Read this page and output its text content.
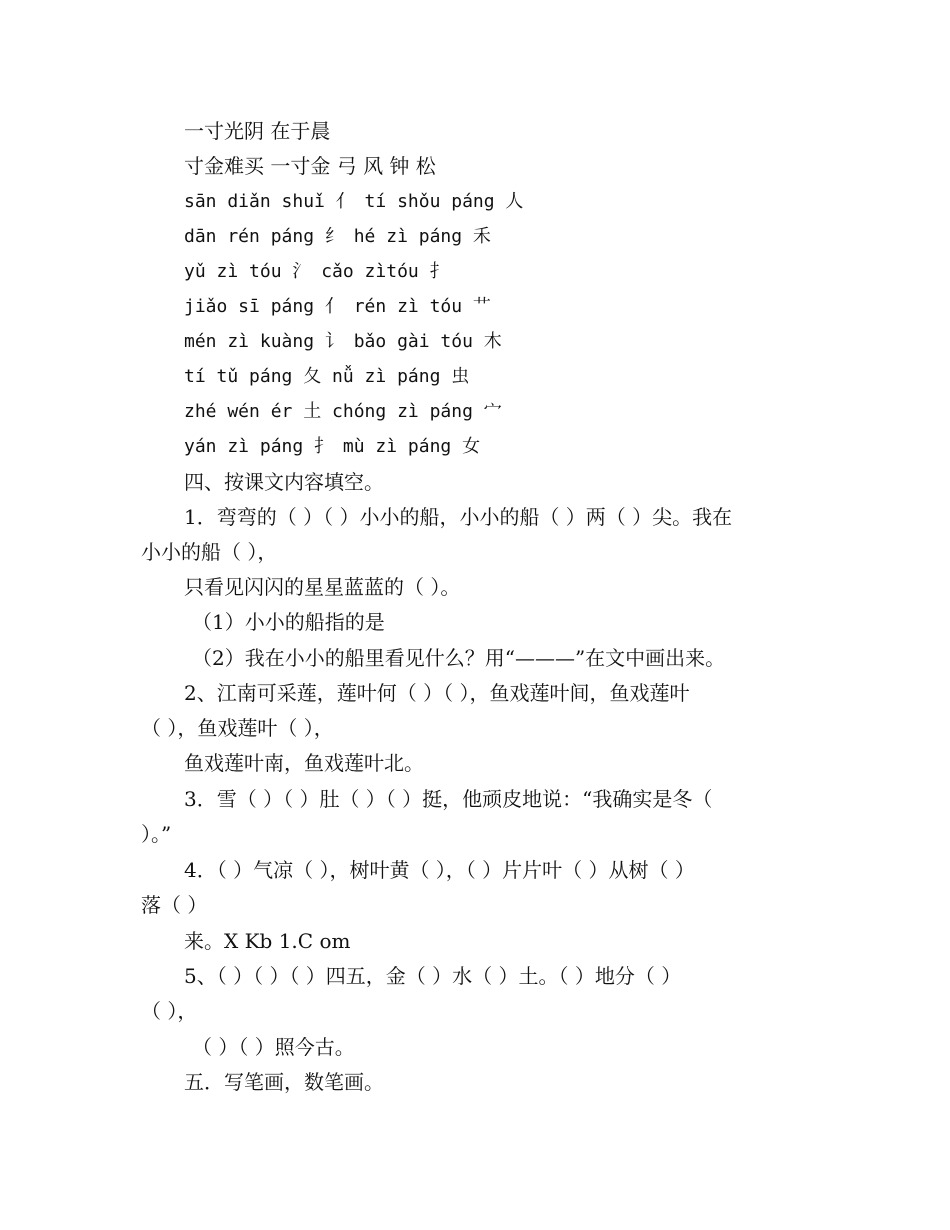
一寸光阴 在于晨
寸金难买 一寸金 弓 风 钟 松
sān diǎn shuǐ 亻 tí shǒu páng 人
dān rén páng 纟 hé zì páng 禾
yǔ zì tóu 氵 cǎo zìtóu 扌
jiǎo sī páng 亻 rén zì tóu 艹
mén zì kuàng 讠 bǎo gài tóu 木
tí tǔ páng 夂 nǚ zì páng 虫
zhé wén ér 土 chóng zì páng 宀
yán zì páng 扌 mù zì páng 女
四、按课文内容填空。
1．弯弯的（ ）（ ）小小的船，小小的船（ ）两（ ）尖。我在
小小的船（ ），
只看见闪闪的星星蓝蓝的（ ）。
（1）小小的船指的是
（2）我在小小的船里看见什么？用“———”在文中画出来。
2、江南可采莲，莲叶何（ ）（ ），鱼戏莲叶间，鱼戏莲叶
（ ），鱼戏莲叶（ ），
鱼戏莲叶南，鱼戏莲叶北。
3．雪（ ）（ ）肚（ ）（ ）挺，他顽皮地说：“我确实是冬（
）。”
4．（ ）气凉（ ），树叶黄（ ），（ ）片片叶（ ）从树（ ）
落（ ）
来。X Kb 1.C om
5、（ ）（ ）（ ）四五，金（ ）水（ ）土。（ ）地分（ ）
（ ），
（ ）（ ）照今古。
五．写笔画，数笔画。
